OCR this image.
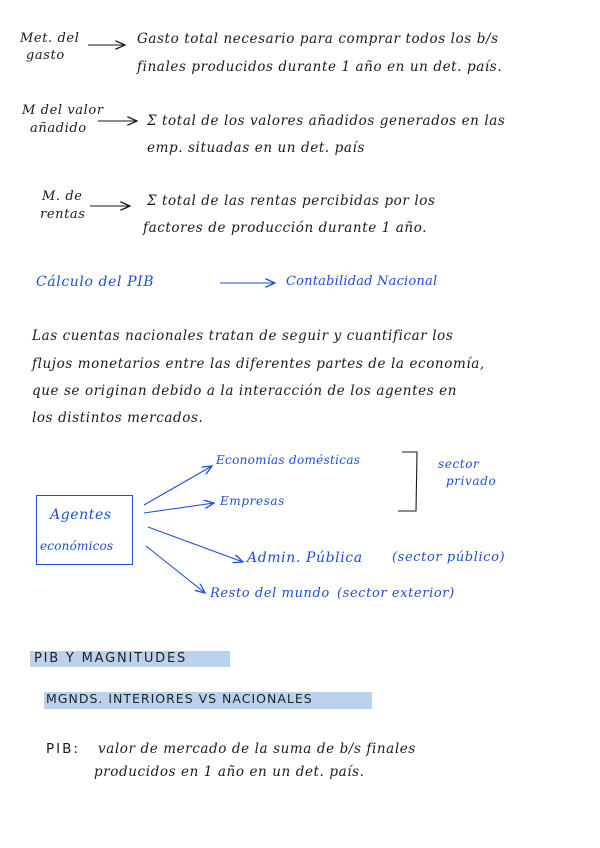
Met. del
gasto
Gasto total necesario para comprar todos los b/s
finales producidos durante 1 año en un det. país.
M del valor
añadido	Σ total de los valores añadidos generados en las
emp. situadas en un det. país
M. de
rentas
Σ total de las rentas percibidas por los
factores de producción durante 1 año.
Cálculo del PIB	Contabilidad Nacional
Las cuentas nacionales tratan de seguir y cuantificar los
flujos monetarios entre las diferentes partes de la economía,
que se originan debido a la interacción de los agentes en
los distintos mercados.
Agentes
económicos
Economías domésticas
Empresas
sector
privado
Admin. Pública (sector público)
Resto del mundo (sector exterior)
PIB Y MAGNITUDES
MGNDS. INTERIORES VS NACIONALES
PIB: valor de mercado de la suma de b/s finales
producidos en 1 año en un det. país.
